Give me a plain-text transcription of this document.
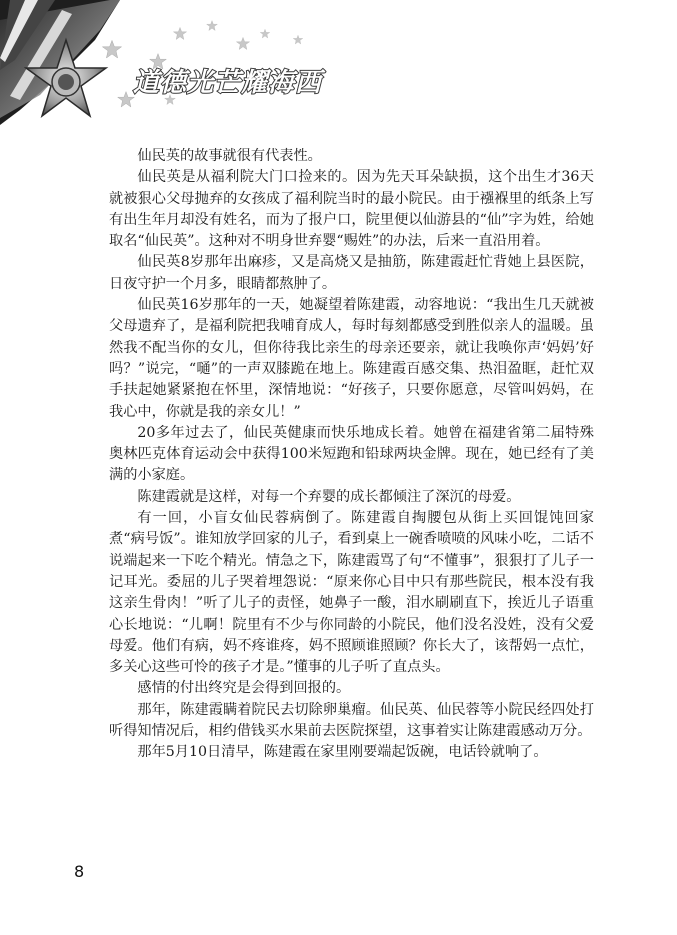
道德光芒耀海西

仙民英的故事就很有代表性。

仙民英是从福利院大门口捡来的。因为先天耳朵缺损，这个出生才36天就被狠心父母抛弃的女孩成了福利院当时的最小院民。由于襁褓里的纸条上写有出生年月却没有姓名，而为了报户口，院里便以仙游县的“仙”字为姓，给她取名“仙民英”。这种对不明身世弃婴“赐姓”的办法，后来一直沿用着。

仙民英8岁那年出麻疹，又是高烧又是抽筋，陈建霞赶忙背她上县医院，日夜守护一个月多，眼睛都熬肿了。

仙民英16岁那年的一天，她凝望着陈建霞，动容地说：“我出生几天就被父母遗弃了，是福利院把我哺育成人，每时每刻都感受到胜似亲人的温暖。虽然我不配当你的女儿，但你待我比亲生的母亲还要亲，就让我唤你声‘妈妈’好吗？”说完，“嗵”的一声双膝跪在地上。陈建霞百感交集、热泪盈眶，赶忙双手扶起她紧紧抱在怀里，深情地说：“好孩子，只要你愿意，尽管叫妈妈，在我心中，你就是我的亲女儿！”

20多年过去了，仙民英健康而快乐地成长着。她曾在福建省第二届特殊奥林匹克体育运动会中获得100米短跑和铅球两块金牌。现在，她已经有了美满的小家庭。

陈建霞就是这样，对每一个弃婴的成长都倾注了深沉的母爱。

有一回，小盲女仙民蓉病倒了。陈建霞自掏腰包从街上买回馄饨回家煮“病号饭”。谁知放学回家的儿子，看到桌上一碗香喷喷的风味小吃，二话不说端起来一下吃个精光。情急之下，陈建霞骂了句“不懂事”，狠狠打了儿子一记耳光。委屈的儿子哭着埋怨说：“原来你心目中只有那些院民，根本没有我这亲生骨肉！”听了儿子的责怪，她鼻子一酸，泪水刷刷直下，挨近儿子语重心长地说：“儿啊！院里有不少与你同龄的小院民，他们没名没姓，没有父爱母爱。他们有病，妈不疼谁疼，妈不照顾谁照顾？你长大了，该帮妈一点忙，多关心这些可怜的孩子才是。”懂事的儿子听了直点头。

感情的付出终究是会得到回报的。

那年，陈建霞瞒着院民去切除卵巢瘤。仙民英、仙民蓉等小院民经四处打听得知情况后，相约借钱买水果前去医院探望，这事着实让陈建霞感动万分。

那年5月10日清早，陈建霞在家里刚要端起饭碗，电话铃就响了。

8
